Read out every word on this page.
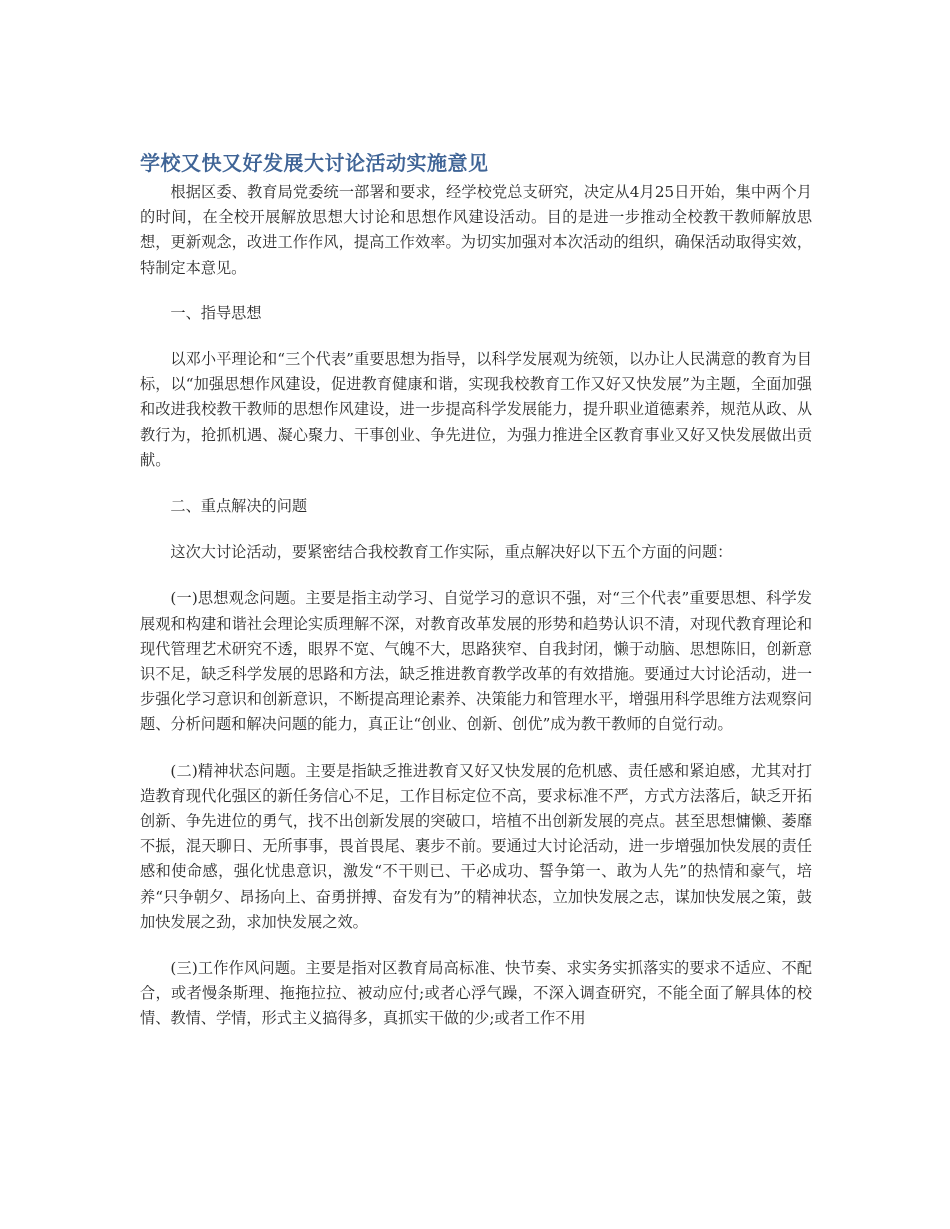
学校又快又好发展大讨论活动实施意见

根据区委、教育局党委统一部署和要求，经学校党总支研究，决定从4月25日开始，集中两个月的时间，在全校开展解放思想大讨论和思想作风建设活动。目的是进一步推动全校教干教师解放思想，更新观念，改进工作作风，提高工作效率。为切实加强对本次活动的组织，确保活动取得实效，特制定本意见。

一、指导思想

以邓小平理论和“三个代表”重要思想为指导，以科学发展观为统领，以办让人民满意的教育为目标，以“加强思想作风建设，促进教育健康和谐，实现我校教育工作又好又快发展”为主题，全面加强和改进我校教干教师的思想作风建设，进一步提高科学发展能力，提升职业道德素养，规范从政、从教行为，抢抓机遇、凝心聚力、干事创业、争先进位，为强力推进全区教育事业又好又快发展做出贡献。

二、重点解决的问题

这次大讨论活动，要紧密结合我校教育工作实际，重点解决好以下五个方面的问题：

(一)思想观念问题。主要是指主动学习、自觉学习的意识不强，对“三个代表”重要思想、科学发展观和构建和谐社会理论实质理解不深，对教育改革发展的形势和趋势认识不清，对现代教育理论和现代管理艺术研究不透，眼界不宽、气魄不大，思路狭窄、自我封闭，懒于动脑、思想陈旧，创新意识不足，缺乏科学发展的思路和方法，缺乏推进教育教学改革的有效措施。要通过大讨论活动，进一步强化学习意识和创新意识，不断提高理论素养、决策能力和管理水平，增强用科学思维方法观察问题、分析问题和解决问题的能力，真正让“创业、创新、创优”成为教干教师的自觉行动。

(二)精神状态问题。主要是指缺乏推进教育又好又快发展的危机感、责任感和紧迫感，尤其对打造教育现代化强区的新任务信心不足，工作目标定位不高，要求标准不严，方式方法落后，缺乏开拓创新、争先进位的勇气，找不出创新发展的突破口，培植不出创新发展的亮点。甚至思想慵懒、萎靡不振，混天聊日、无所事事，畏首畏尾、裹步不前。要通过大讨论活动，进一步增强加快发展的责任感和使命感，强化忧患意识，激发“不干则已、干必成功、誓争第一、敢为人先”的热情和豪气，培养“只争朝夕、昂扬向上、奋勇拼搏、奋发有为”的精神状态，立加快发展之志，谋加快发展之策，鼓加快发展之劲，求加快发展之效。

(三)工作作风问题。主要是指对区教育局高标准、快节奏、求实务实抓落实的要求不适应、不配合，或者慢条斯理、拖拖拉拉、被动应付;或者心浮气躁，不深入调查研究，不能全面了解具体的校情、教情、学情，形式主义搞得多，真抓实干做的少;或者工作不用
